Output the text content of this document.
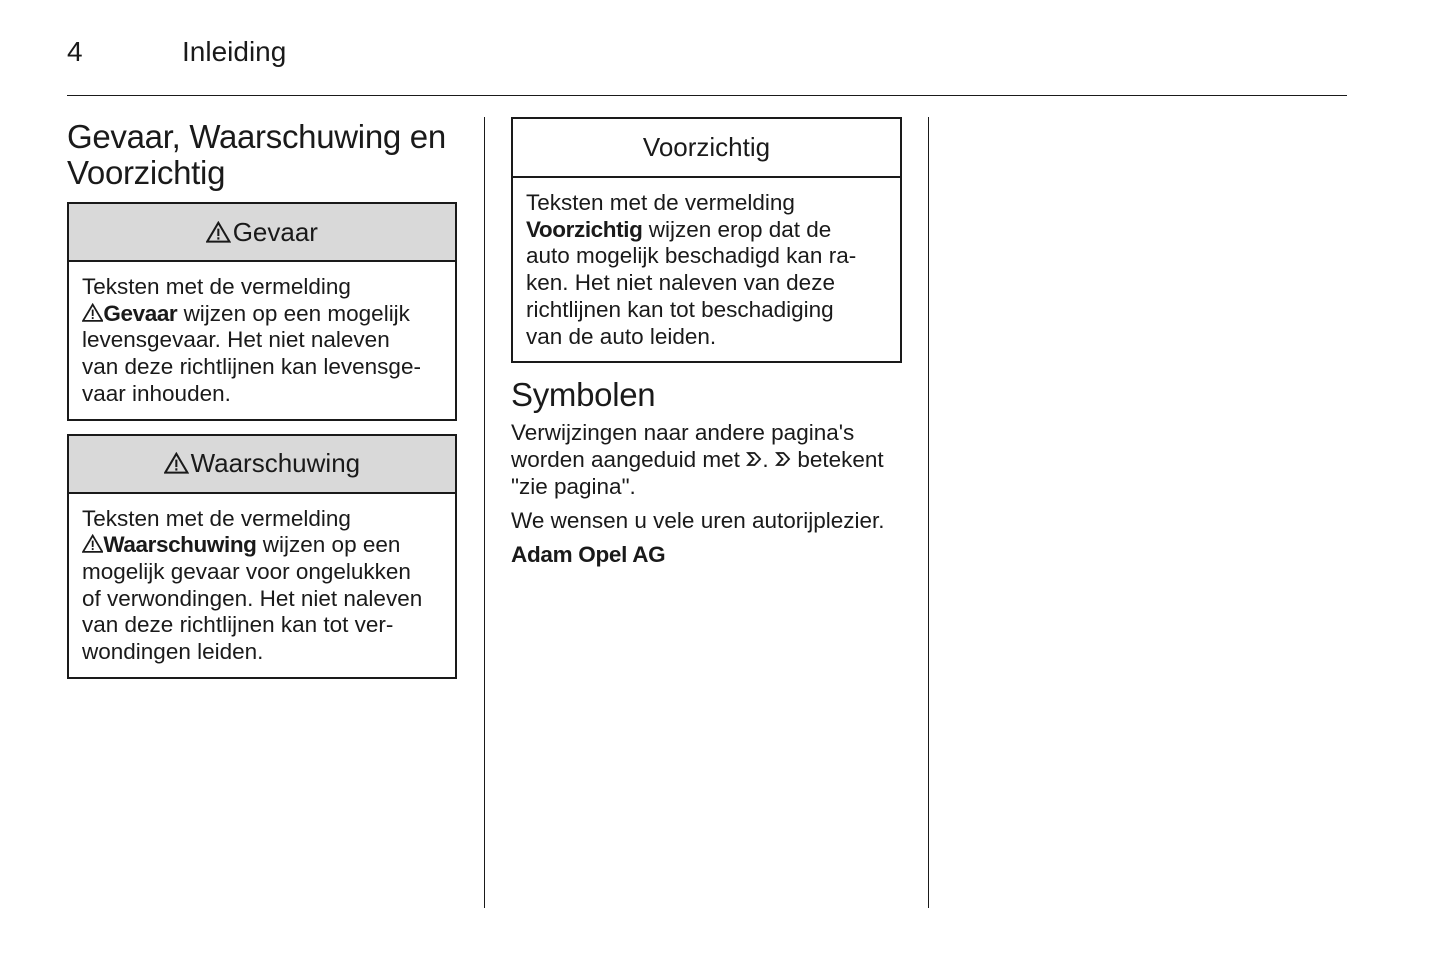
4	Inleiding
Gevaar, Waarschuwing en
Voorzichtig
Gevaar

Teksten met de vermelding

Gevaar wijzen op een mogelijk
levensgevaar. Het niet naleven
van deze richtlijnen kan levensge-
vaar inhouden.

Waarschuwing

Teksten met de vermelding

Waarschuwing wijzen op een
mogelijk gevaar voor ongelukken
of verwondingen. Het niet naleven
van deze richtlijnen kan tot ver-
wondingen leiden.

Voorzichtig

Teksten met de vermelding
Voorzichtig wijzen erop dat de
auto mogelijk beschadigd kan ra-
ken. Het niet naleven van deze
richtlijnen kan tot beschadiging
van de auto leiden.

Symbolen

Verwijzingen naar andere pagina's
worden aangeduid met . betekent
"zie pagina".

We wensen u vele uren autorijplezier.

Adam Opel AG
